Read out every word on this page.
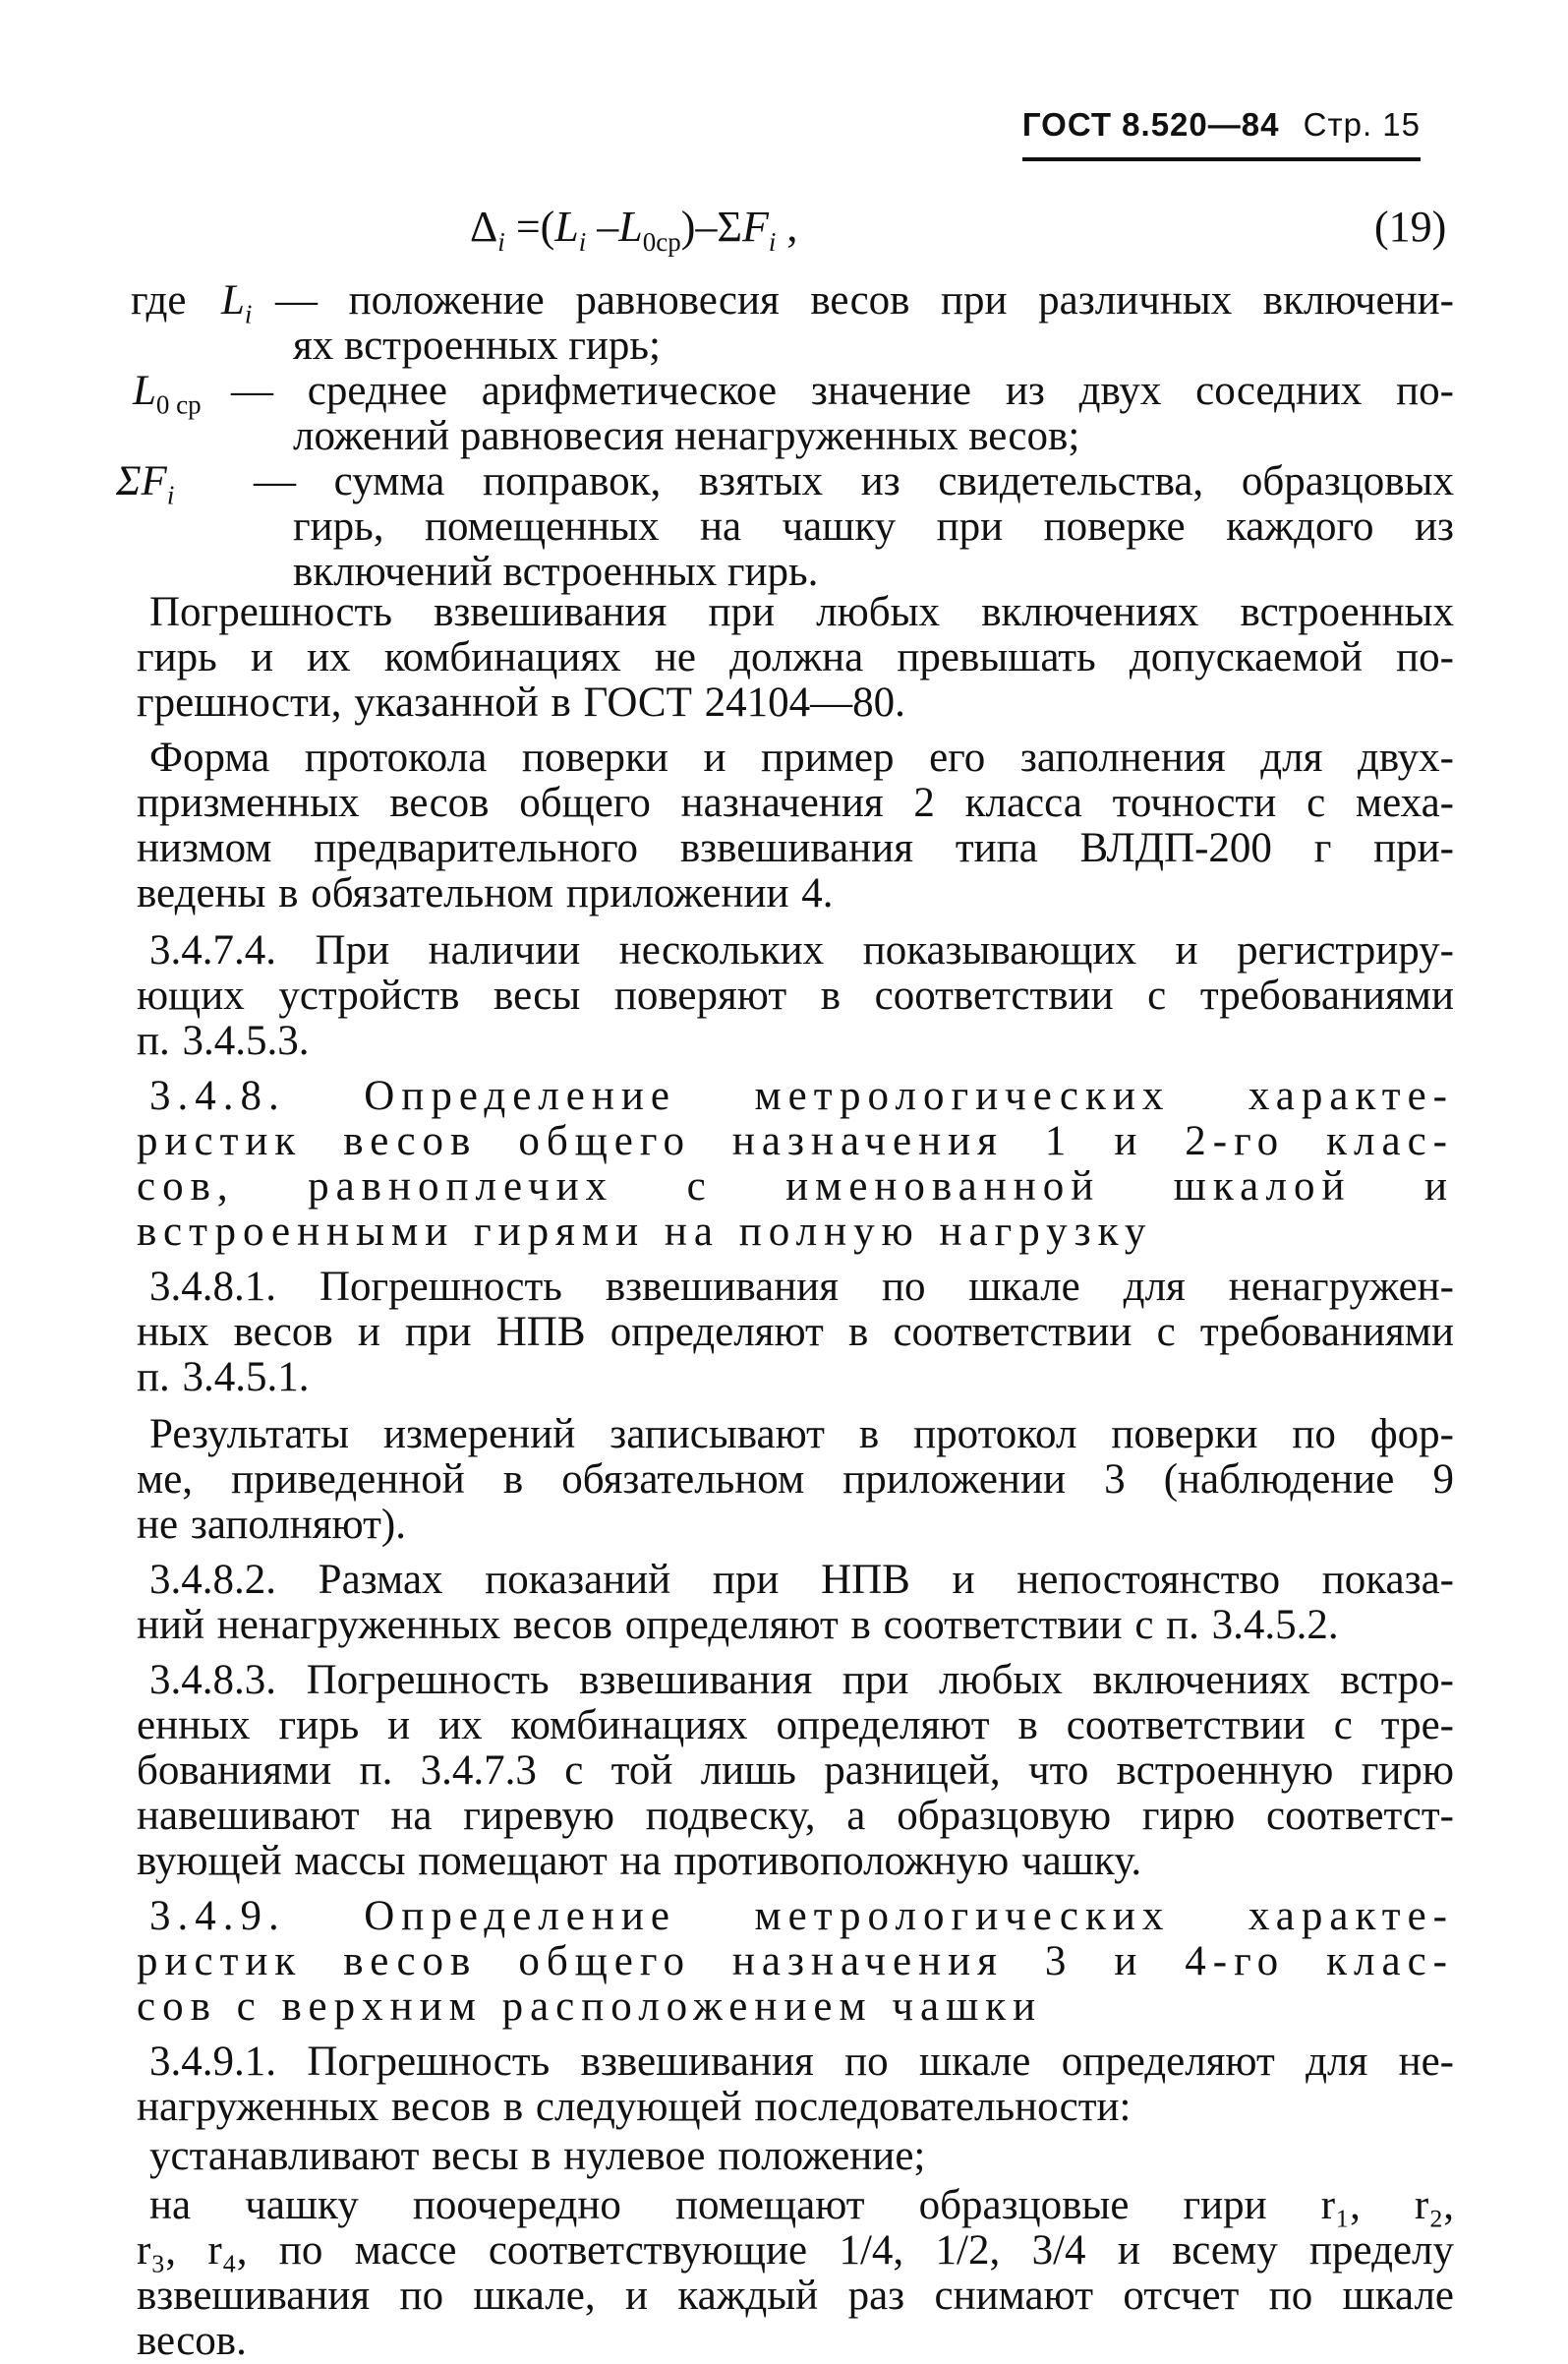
ГОСТ 8.520—84 Стр. 15
$\Delta_i =(L_i$ $-L_{0ср})-\Sigma F_i$ ,	(19)
где $L_i$ — положение равновесия весов при различных включени-
ях встроенных гирь;
$L_{0 ср}$ — среднее арифметическое значение из двух соседних по-
ложений равновесия ненагруженных весов;
$\Sigma F_i$ — сумма поправок, взятых из свидетельства, образцовых
гирь, помещенных на чашку при поверке каждого из
включений встроенных гирь.
Погрешность взвешивания при любых включениях встроенных
гирь и их комбинациях не должна превышать допускаемой по-
грешности, указанной в ГОСТ 24104—80.
Форма протокола поверки и пример его заполнения для двух-
призменных весов общего назначения 2 класса точности с меха-
низмом предварительного взвешивания типа ВЛДП-200 г при-
ведены в обязательном приложении 4.
3.4.7.4. При наличии нескольких показывающих и регистриру-
ющих устройств весы поверяют в соответствии с требованиями
п. 3.4.5.3.
3.4.8. Определение метрологических характе-
ристик весов общего назначения 1 и 2-го клас-
сов, равноплечих с именованной шкалой и
встроенными гирями на полную нагрузку
3.4.8.1. Погрешность взвешивания по шкале для ненагружен-
ных весов и при НПВ определяют в соответствии с требованиями
п. 3.4.5.1.
Результаты измерений записывают в протокол поверки по фор-
ме, приведенной в обязательном приложении 3 (наблюдение 9
не заполняют).
3.4.8.2. Размах показаний при НПВ и непостоянство показа-
ний ненагруженных весов определяют в соответствии с п. 3.4.5.2.
3.4.8.3. Погрешность взвешивания при любых включениях встро-
енных гирь и их комбинациях определяют в соответствии с тре-
бованиями п. 3.4.7.3 с той лишь разницей, что встроенную гирю
навешивают на гиревую подвеску, а образцовую гирю соответст-
вующей массы помещают на противоположную чашку.
3.4.9. Определение метрологических характе-
ристик весов общего назначения 3 и 4-го клас-
сов с верхним расположением чашки
3.4.9.1. Погрешность взвешивания по шкале определяют для не-
нагруженных весов в следующей последовательности:
устанавливают весы в нулевое положение;
на чашку поочередно помещают образцовые гири r₁, r₂,
r₃, r₄, по массе соответствующие 1/4, 1/2, 3/4 и всему пределу
взвешивания по шкале, и каждый раз снимают отсчет по шкале
весов.
